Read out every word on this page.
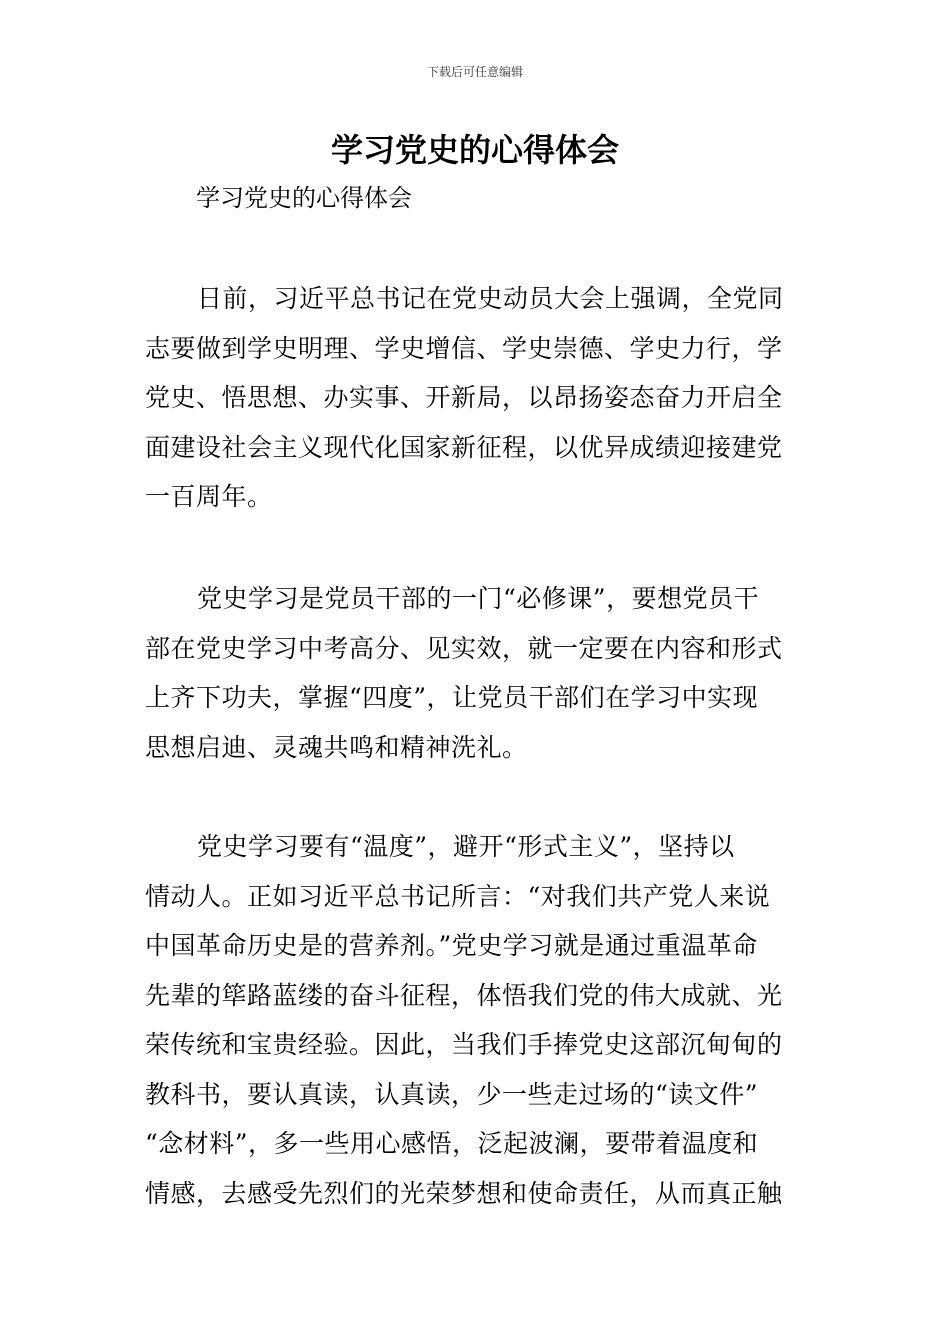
下载后可任意编辑
学习党史的心得体会
学习党史的心得体会
日前，习近平总书记在党史动员大会上强调，全党同
志要做到学史明理、学史增信、学史崇德、学史力行，学
党史、悟思想、办实事、开新局，以昂扬姿态奋力开启全
面建设社会主义现代化国家新征程，以优异成绩迎接建党
一百周年。
党史学习是党员干部的一门“必修课”，要想党员干
部在党史学习中考高分、见实效，就一定要在内容和形式
上齐下功夫，掌握“四度”，让党员干部们在学习中实现
思想启迪、灵魂共鸣和精神洗礼。
党史学习要有“温度”，避开“形式主义”，坚持以
情动人。正如习近平总书记所言：“对我们共产党人来说
中国革命历史是的营养剂。”党史学习就是通过重温革命
先辈的筚路蓝缕的奋斗征程，体悟我们党的伟大成就、光
荣传统和宝贵经验。因此，当我们手捧党史这部沉甸甸的
教科书，要认真读，认真读，少一些走过场的“读文件”
“念材料”，多一些用心感悟，泛起波澜，要带着温度和
情感，去感受先烈们的光荣梦想和使命责任，从而真正触
